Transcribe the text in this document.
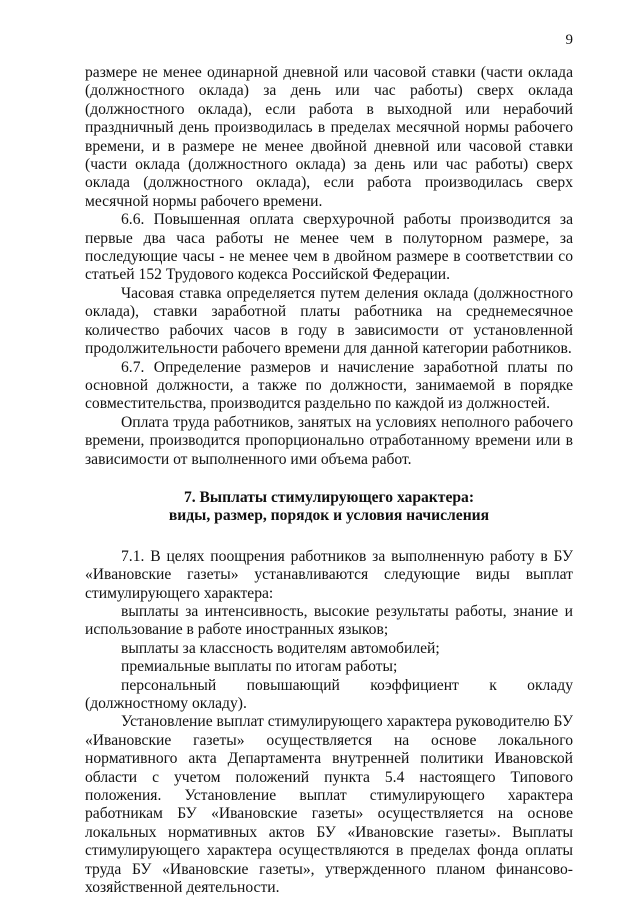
9

размере не менее одинарной дневной или часовой ставки (части оклада (должностного оклада) за день или час работы) сверх оклада (должностного оклада), если работа в выходной или нерабочий праздничный день производилась в пределах месячной нормы рабочего времени, и в размере не менее двойной дневной или часовой ставки (части оклада (должностного оклада) за день или час работы) сверх оклада (должностного оклада), если работа производилась сверх месячной нормы рабочего времени.

6.6. Повышенная оплата сверхурочной работы производится за первые два часа работы не менее чем в полуторном размере, за последующие часы - не менее чем в двойном размере в соответствии со статьей 152 Трудового кодекса Российской Федерации.

Часовая ставка определяется путем деления оклада (должностного оклада), ставки заработной платы работника на среднемесячное количество рабочих часов в году в зависимости от установленной продолжительности рабочего времени для данной категории работников.

6.7. Определение размеров и начисление заработной платы по основной должности, а также по должности, занимаемой в порядке совместительства, производится раздельно по каждой из должностей.

Оплата труда работников, занятых на условиях неполного рабочего времени, производится пропорционально отработанному времени или в зависимости от выполненного ими объема работ.

7. Выплаты стимулирующего характера:
виды, размер, порядок и условия начисления

7.1. В целях поощрения работников за выполненную работу в БУ «Ивановские газеты» устанавливаются следующие виды выплат стимулирующего характера:

выплаты за интенсивность, высокие результаты работы, знание и использование в работе иностранных языков;

выплаты за классность водителям автомобилей;

премиальные выплаты по итогам работы;

персональный повышающий коэффициент к окладу (должностному окладу).

Установление выплат стимулирующего характера руководителю БУ «Ивановские газеты» осуществляется на основе локального нормативного акта Департамента внутренней политики Ивановской области с учетом положений пункта 5.4 настоящего Типового положения. Установление выплат стимулирующего характера работникам БУ «Ивановские газеты» осуществляется на основе локальных нормативных актов БУ «Ивановские газеты». Выплаты стимулирующего характера осуществляются в пределах фонда оплаты труда БУ «Ивановские газеты», утвержденного планом финансово-хозяйственной деятельности.
